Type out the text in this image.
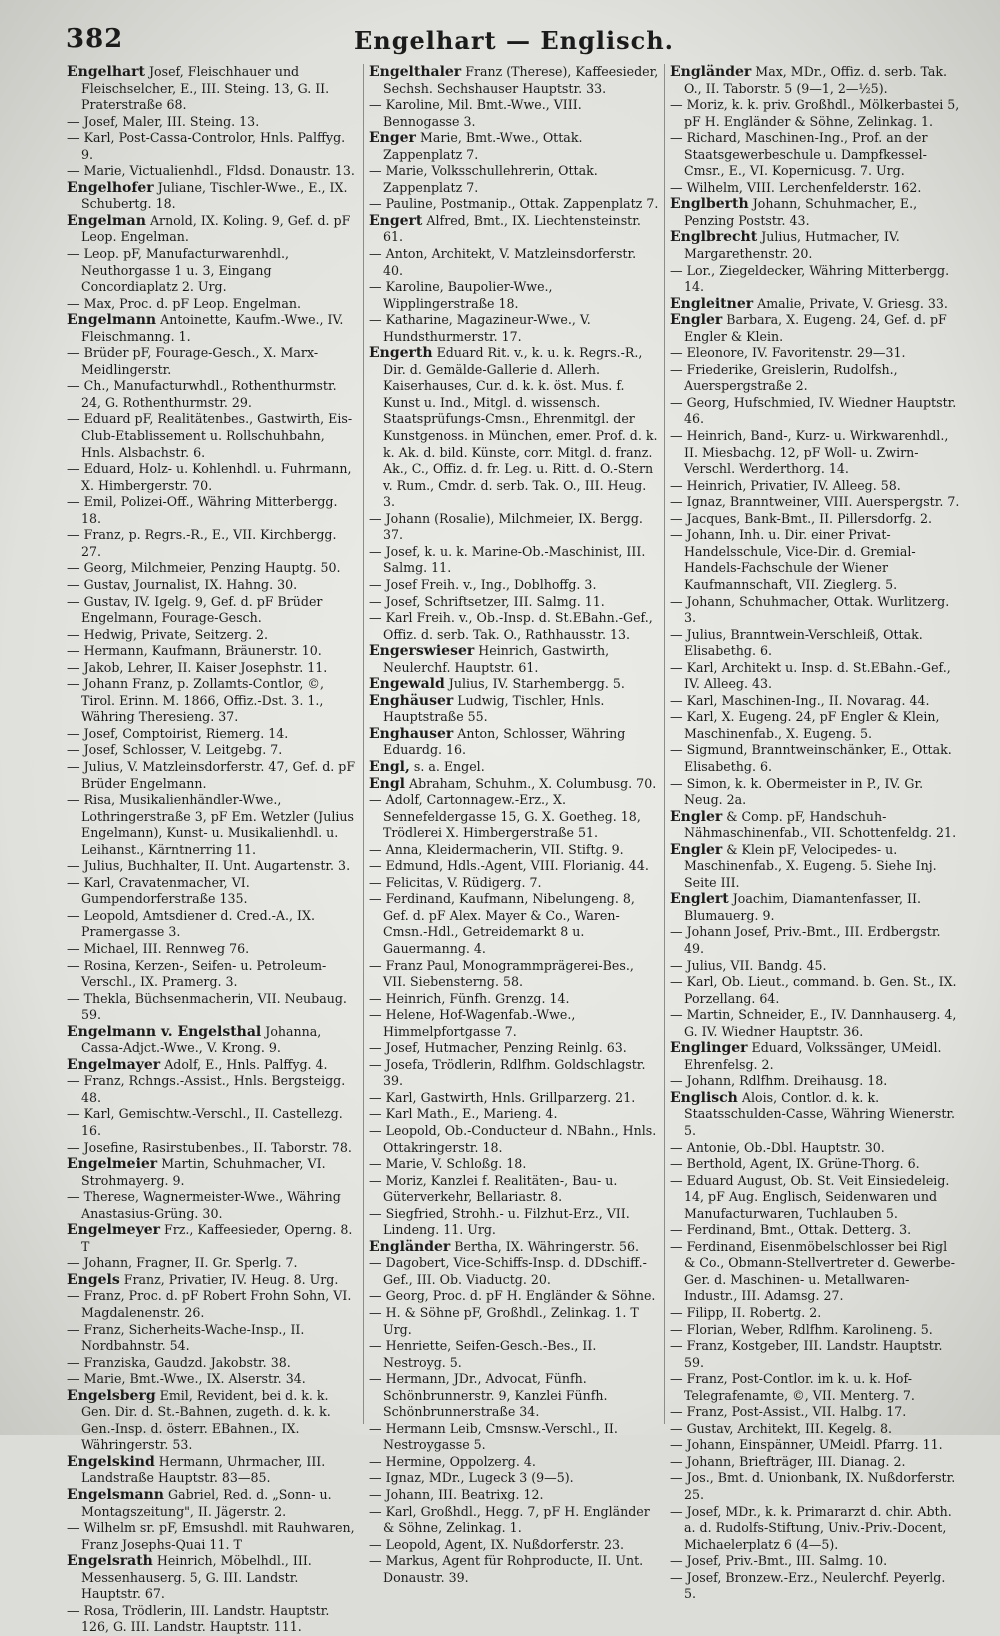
382	Engelhart — Englisch.

Engelhart Josef, Fleischhauer und Fleischselcher, E., III. Steing. 13, G. II. Praterstraße 68.

— Josef, Maler, III. Steing. 13.

— Karl, Post-Cassa-Controlor, Hnls. Palffyg. 9.

— Marie, Victualienhdl., Fldsd. Donaustr. 13.

Engelhofer Juliane, Tischler-Wwe., E., IX. Schubertg. 18.

Engelman Arnold, IX. Koling. 9, Gef. d. pF Leop. Engelman.

— Leop. pF, Manufacturwarenhdl., Neuthorgasse 1 u. 3, Eingang Concordiaplatz 2. Urg.

— Max, Proc. d. pF Leop. Engelman.

Engelmann Antoinette, Kaufm.-Wwe., IV. Fleischmanng. 1.

— Brüder pF, Fourage-Gesch., X. Marx-Meidlingerstr.

— Ch., Manufacturwhdl., Rothenthurmstr. 24, G. Rothenthurmstr. 29.

— Eduard pF, Realitätenbes., Gastwirth, Eis-Club-Etablissement u. Rollschuhbahn, Hnls. Alsbachstr. 6.

— Eduard, Holz- u. Kohlenhdl. u. Fuhrmann, X. Himbergerstr. 70.

— Emil, Polizei-Off., Währing Mitterbergg. 18.

— Franz, p. Regrs.-R., E., VII. Kirchbergg. 27.

— Georg, Milchmeier, Penzing Hauptg. 50.

— Gustav, Journalist, IX. Hahng. 30.

— Gustav, IV. Igelg. 9, Gef. d. pF Brüder Engelmann, Fourage-Gesch.

— Hedwig, Private, Seitzerg. 2.

— Hermann, Kaufmann, Bräunerstr. 10.

— Jakob, Lehrer, II. Kaiser Josephstr. 11.

— Johann Franz, p. Zollamts-Contlor, ©, Tirol. Erinn. M. 1866, Offiz.-Dst. 3. 1., Währing Theresieng. 37.

— Josef, Comptoirist, Riemerg. 14.

— Josef, Schlosser, V. Leitgebg. 7.

— Julius, V. Matzleinsdorferstr. 47, Gef. d. pF Brüder Engelmann.

— Risa, Musikalienhändler-Wwe., Lothringerstraße 3, pF Em. Wetzler (Julius Engelmann), Kunst- u. Musikalienhdl. u. Leihanst., Kärntnerring 11.

— Julius, Buchhalter, II. Unt. Augartenstr. 3.

— Karl, Cravatenmacher, VI. Gumpendorferstraße 135.

— Leopold, Amtsdiener d. Cred.-A., IX. Pramergasse 3.

— Michael, III. Rennweg 76.

— Rosina, Kerzen-, Seifen- u. Petroleum-Verschl., IX. Pramerg. 3.

— Thekla, Büchsenmacherin, VII. Neubaug. 59.

Engelmann v. Engelsthal Johanna, Cassa-Adjct.-Wwe., V. Krong. 9.

Engelmayer Adolf, E., Hnls. Palffyg. 4.

— Franz, Rchngs.-Assist., Hnls. Bergsteigg. 48.

— Karl, Gemischtw.-Verschl., II. Castellezg. 16.

— Josefine, Rasirstubenbes., II. Taborstr. 78.

Engelmeier Martin, Schuhmacher, VI. Strohmayerg. 9.

— Therese, Wagnermeister-Wwe., Währing Anastasius-Grüng. 30.

Engelmeyer Frz., Kaffeesieder, Operng. 8. T

— Johann, Fragner, II. Gr. Sperlg. 7.

Engels Franz, Privatier, IV. Heug. 8. Urg.

— Franz, Proc. d. pF Robert Frohn Sohn, VI. Magdalenenstr. 26.

— Franz, Sicherheits-Wache-Insp., II. Nordbahnstr. 54.

— Franziska, Gaudzd. Jakobstr. 38.

— Marie, Bmt.-Wwe., IX. Alserstr. 34.

Engelsberg Emil, Revident, bei d. k. k. Gen. Dir. d. St.-Bahnen, zugeth. d. k. k. Gen.-Insp. d. österr. EBahnen., IX. Währingerstr. 53.

Engelskind Hermann, Uhrmacher, III. Landstraße Hauptstr. 83—85.

Engelsmann Gabriel, Red. d. „Sonn- u. Montagszeitung", II. Jägerstr. 2.

— Wilhelm sr. pF, Emsushdl. mit Rauhwaren, Franz Josephs-Quai 11. T

Engelsrath Heinrich, Möbelhdl., III. Messenhauserg. 5, G. III. Landstr. Hauptstr. 67.

— Rosa, Trödlerin, III. Landstr. Hauptstr. 126, G. III. Landstr. Hauptstr. 111.

Engelthaler Franz (Therese), Kaffeesieder, Sechsh. Sechshauser Hauptstr. 33.

— Karoline, Mil. Bmt.-Wwe., VIII. Bennogasse 3.

Enger Marie, Bmt.-Wwe., Ottak. Zappenplatz 7.

— Marie, Volksschullehrerin, Ottak. Zappenplatz 7.

— Pauline, Postmanip., Ottak. Zappenplatz 7.

Engert Alfred, Bmt., IX. Liechtensteinstr. 61.

— Anton, Architekt, V. Matzleinsdorferstr. 40.

— Karoline, Baupolier-Wwe., Wipplingerstraße 18.

— Katharine, Magazineur-Wwe., V. Hundsthurmerstr. 17.

Engerth Eduard Rit. v., k. u. k. Regrs.-R., Dir. d. Gemälde-Gallerie d. Allerh. Kaiserhauses, Cur. d. k. k. öst. Mus. f. Kunst u. Ind., Mitgl. d. wissensch. Staatsprüfungs-Cmsn., Ehrenmitgl. der Kunstgenoss. in München, emer. Prof. d. k. k. Ak. d. bild. Künste, corr. Mitgl. d. franz. Ak., C., Offiz. d. fr. Leg. u. Ritt. d. O.-Stern v. Rum., Cmdr. d. serb. Tak. O., III. Heug. 3.

— Johann (Rosalie), Milchmeier, IX. Bergg. 37.

— Josef, k. u. k. Marine-Ob.-Maschinist, III. Salmg. 11.

— Josef Freih. v., Ing., Doblhoffg. 3.

— Josef, Schriftsetzer, III. Salmg. 11.

— Karl Freih. v., Ob.-Insp. d. St.EBahn.-Gef., Offiz. d. serb. Tak. O., Rathhausstr. 13.

Engerswieser Heinrich, Gastwirth, Neulerchf. Hauptstr. 61.

Engewald Julius, IV. Starhembergg. 5.

Enghäuser Ludwig, Tischler, Hnls. Hauptstraße 55.

Enghauser Anton, Schlosser, Währing Eduardg. 16.

Engl, s. a. Engel.

Engl Abraham, Schuhm., X. Columbusg. 70.

— Adolf, Cartonnagew.-Erz., X. Sennefeldergasse 15, G. X. Goetheg. 18, Trödlerei X. Himbergerstraße 51.

— Anna, Kleidermacherin, VII. Stiftg. 9.

— Edmund, Hdls.-Agent, VIII. Florianig. 44.

— Felicitas, V. Rüdigerg. 7.

— Ferdinand, Kaufmann, Nibelungeng. 8, Gef. d. pF Alex. Mayer & Co., Waren-Cmsn.-Hdl., Getreidemarkt 8 u. Gauermanng. 4.

— Franz Paul, Monogrammprägerei-Bes., VII. Siebensterng. 58.

— Heinrich, Fünfh. Grenzg. 14.

— Helene, Hof-Wagenfab.-Wwe., Himmelpfortgasse 7.

— Josef, Hutmacher, Penzing Reinlg. 63.

— Josefa, Trödlerin, Rdlfhm. Goldschlagstr. 39.

— Karl, Gastwirth, Hnls. Grillparzerg. 21.

— Karl Math., E., Marieng. 4.

— Leopold, Ob.-Conducteur d. NBahn., Hnls. Ottakringerstr. 18.

— Marie, V. Schloßg. 18.

— Moriz, Kanzlei f. Realitäten-, Bau- u. Güterverkehr, Bellariastr. 8.

— Siegfried, Strohh.- u. Filzhut-Erz., VII. Lindeng. 11. Urg.

Engländer Bertha, IX. Währingerstr. 56.

— Dagobert, Vice-Schiffs-Insp. d. DDschiff.-Gef., III. Ob. Viaductg. 20.

— Georg, Proc. d. pF H. Engländer & Söhne.

— H. & Söhne pF, Großhdl., Zelinkag. 1. T Urg.

— Henriette, Seifen-Gesch.-Bes., II. Nestroyg. 5.

— Hermann, JDr., Advocat, Fünfh. Schönbrunnerstr. 9, Kanzlei Fünfh. Schönbrunnerstraße 34.

— Hermann Leib, Cmsnsw.-Verschl., II. Nestroygasse 5.

— Hermine, Oppolzerg. 4.

— Ignaz, MDr., Lugeck 3 (9—5).

— Johann, III. Beatrixg. 12.

— Karl, Großhdl., Hegg. 7, pF H. Engländer & Söhne, Zelinkag. 1.

— Leopold, Agent, IX. Nußdorferstr. 23.

— Markus, Agent für Rohproducte, II. Unt. Donaustr. 39.

Engländer Max, MDr., Offiz. d. serb. Tak. O., II. Taborstr. 5 (9—1, 2—½5).

— Moriz, k. k. priv. Großhdl., Mölkerbastei 5, pF H. Engländer & Söhne, Zelinkag. 1.

— Richard, Maschinen-Ing., Prof. an der Staatsgewerbeschule u. Dampfkessel-Cmsr., E., VI. Kopernicusg. 7. Urg.

— Wilhelm, VIII. Lerchenfelderstr. 162.

Englberth Johann, Schuhmacher, E., Penzing Poststr. 43.

Englbrecht Julius, Hutmacher, IV. Margarethenstr. 20.

— Lor., Ziegeldecker, Währing Mitterbergg. 14.

Engleitner Amalie, Private, V. Griesg. 33.

Engler Barbara, X. Eugeng. 24, Gef. d. pF Engler & Klein.

— Eleonore, IV. Favoritenstr. 29—31.

— Friederike, Greislerin, Rudolfsh., Auerspergstraße 2.

— Georg, Hufschmied, IV. Wiedner Hauptstr. 46.

— Heinrich, Band-, Kurz- u. Wirkwarenhdl., II. Miesbachg. 12, pF Woll- u. Zwirn-Verschl. Werderthorg. 14.

— Heinrich, Privatier, IV. Alleeg. 58.

— Ignaz, Branntweiner, VIII. Auerspergstr. 7.

— Jacques, Bank-Bmt., II. Pillersdorfg. 2.

— Johann, Inh. u. Dir. einer Privat-Handelsschule, Vice-Dir. d. Gremial-Handels-Fachschule der Wiener Kaufmannschaft, VII. Zieglerg. 5.

— Johann, Schuhmacher, Ottak. Wurlitzerg. 3.

— Julius, Branntwein-Verschleiß, Ottak. Elisabethg. 6.

— Karl, Architekt u. Insp. d. St.EBahn.-Gef., IV. Alleeg. 43.

— Karl, Maschinen-Ing., II. Novarag. 44.

— Karl, X. Eugeng. 24, pF Engler & Klein, Maschinenfab., X. Eugeng. 5.

— Sigmund, Branntweinschänker, E., Ottak. Elisabethg. 6.

— Simon, k. k. Obermeister in P., IV. Gr. Neug. 2a.

Engler & Comp. pF, Handschuh-Nähmaschinenfab., VII. Schottenfeldg. 21.

Engler & Klein pF, Velocipedes- u. Maschinenfab., X. Eugeng. 5. Siehe Inj. Seite III.

Englert Joachim, Diamantenfasser, II. Blumauerg. 9.

— Johann Josef, Priv.-Bmt., III. Erdbergstr. 49.

— Julius, VII. Bandg. 45.

— Karl, Ob. Lieut., command. b. Gen. St., IX. Porzellang. 64.

— Martin, Schneider, E., IV. Dannhauserg. 4, G. IV. Wiedner Hauptstr. 36.

Englinger Eduard, Volkssänger, UMeidl. Ehrenfelsg. 2.

— Johann, Rdlfhm. Dreihausg. 18.

Englisch Alois, Contlor. d. k. k. Staatsschulden-Casse, Währing Wienerstr. 5.

— Antonie, Ob.-Dbl. Hauptstr. 30.

— Berthold, Agent, IX. Grüne-Thorg. 6.

— Eduard August, Ob. St. Veit Einsiedeleig. 14, pF Aug. Englisch, Seidenwaren und Manufacturwaren, Tuchlauben 5.

— Ferdinand, Bmt., Ottak. Detterg. 3.

— Ferdinand, Eisenmöbelschlosser bei Rigl & Co., Obmann-Stellvertreter d. Gewerbe-Ger. d. Maschinen- u. Metallwaren-Industr., III. Adamsg. 27.

— Filipp, II. Robertg. 2.

— Florian, Weber, Rdlfhm. Karolineng. 5.

— Franz, Kostgeber, III. Landstr. Hauptstr. 59.

— Franz, Post-Contlor. im k. u. k. Hof-Telegrafenamte, ©, VII. Menterg. 7.

— Franz, Post-Assist., VII. Halbg. 17.

— Gustav, Architekt, III. Kegelg. 8.

— Johann, Einspänner, UMeidl. Pfarrg. 11.

— Johann, Briefträger, III. Dianag. 2.

— Jos., Bmt. d. Unionbank, IX. Nußdorferstr. 25.

— Josef, MDr., k. k. Primararzt d. chir. Abth. a. d. Rudolfs-Stiftung, Univ.-Priv.-Docent, Michaelerplatz 6 (4—5).

— Josef, Priv.-Bmt., III. Salmg. 10.

— Josef, Bronzew.-Erz., Neulerchf. Peyerlg. 5.
